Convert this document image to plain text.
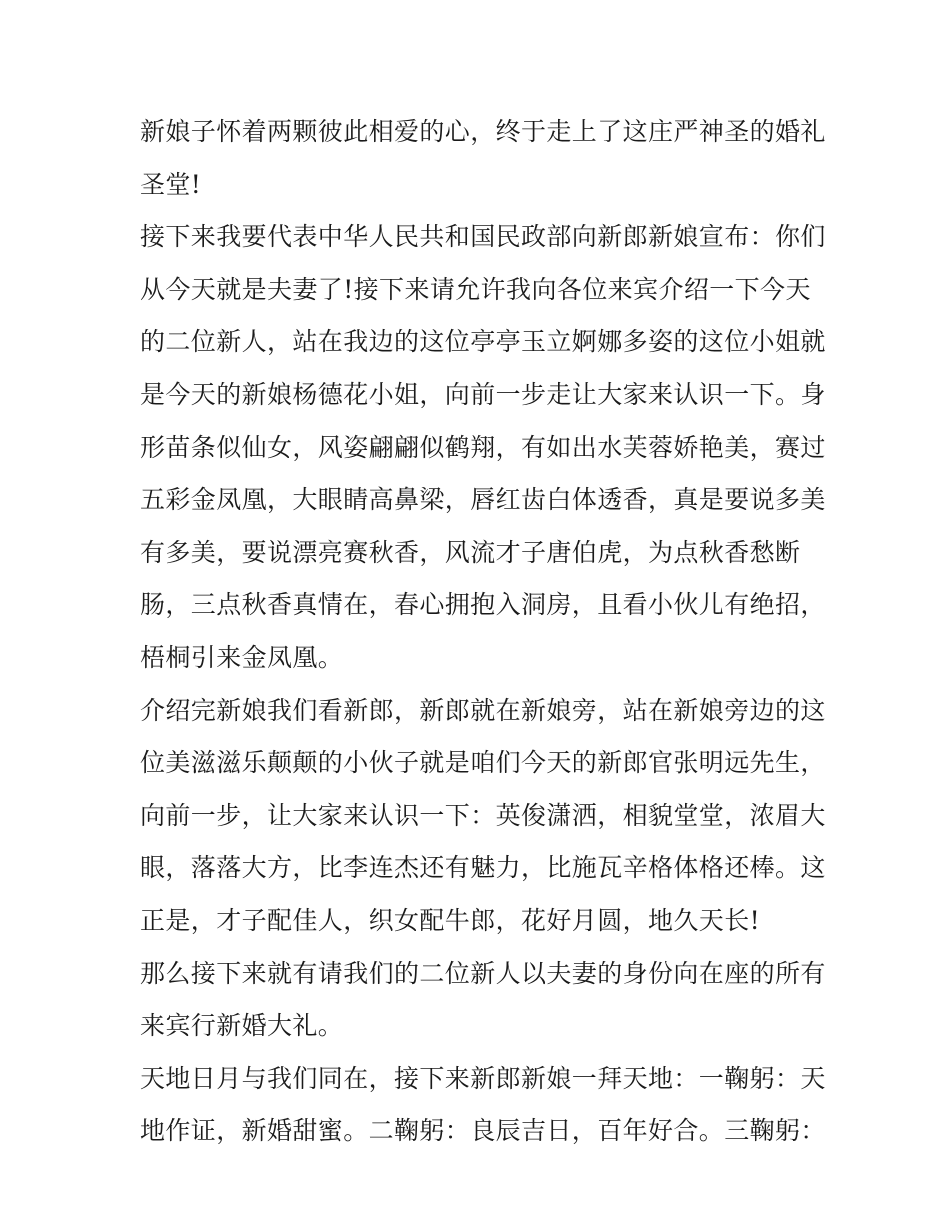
新娘子怀着两颗彼此相爱的心，终于走上了这庄严神圣的婚礼
圣堂!
接下来我要代表中华人民共和国民政部向新郎新娘宣布：你们
从今天就是夫妻了!接下来请允许我向各位来宾介绍一下今天
的二位新人，站在我边的这位亭亭玉立婀娜多姿的这位小姐就
是今天的新娘杨德花小姐，向前一步走让大家来认识一下。身
形苗条似仙女，风姿翩翩似鹤翔，有如出水芙蓉娇艳美，赛过
五彩金凤凰，大眼睛高鼻梁，唇红齿白体透香，真是要说多美
有多美，要说漂亮赛秋香，风流才子唐伯虎，为点秋香愁断
肠，三点秋香真情在，春心拥抱入洞房，且看小伙儿有绝招，
梧桐引来金凤凰。
介绍完新娘我们看新郎，新郎就在新娘旁，站在新娘旁边的这
位美滋滋乐颠颠的小伙子就是咱们今天的新郎官张明远先生，
向前一步，让大家来认识一下：英俊潇洒，相貌堂堂，浓眉大
眼，落落大方，比李连杰还有魅力，比施瓦辛格体格还棒。这
正是，才子配佳人，织女配牛郎，花好月圆，地久天长!
那么接下来就有请我们的二位新人以夫妻的身份向在座的所有
来宾行新婚大礼。
天地日月与我们同在，接下来新郎新娘一拜天地：一鞠躬：天
地作证，新婚甜蜜。二鞠躬：良辰吉日，百年好合。三鞠躬：
